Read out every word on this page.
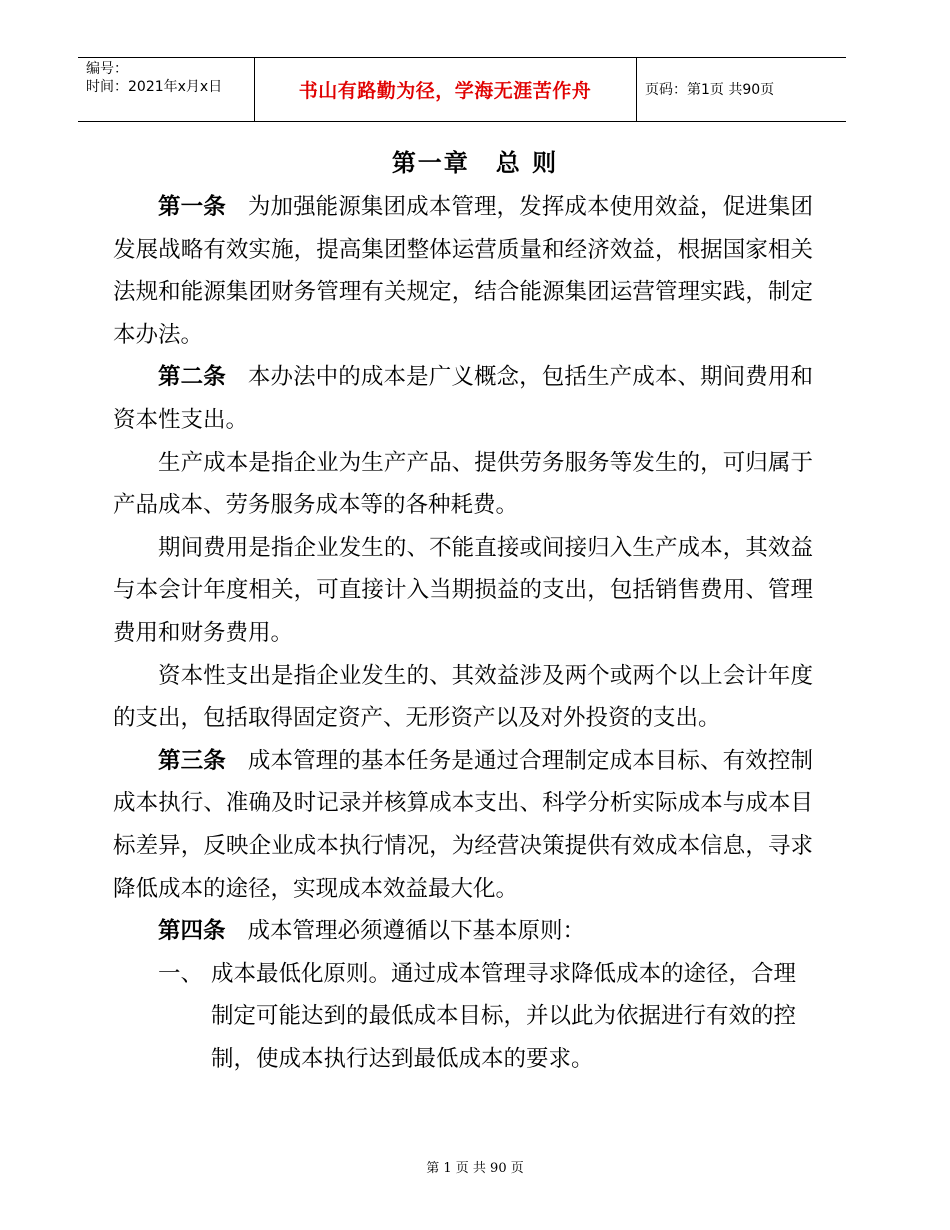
编号：
时间：2021年x月x日	书山有路勤为径，学海无涯苦作舟	页码：第1页 共90页
第一章　总 则

第一条 为加强能源集团成本管理，发挥成本使用效益，促进集团发展战略有效实施，提高集团整体运营质量和经济效益，根据国家相关法规和能源集团财务管理有关规定，结合能源集团运营管理实践，制定本办法。

第二条 本办法中的成本是广义概念，包括生产成本、期间费用和资本性支出。

生产成本是指企业为生产产品、提供劳务服务等发生的，可归属于产品成本、劳务服务成本等的各种耗费。

期间费用是指企业发生的、不能直接或间接归入生产成本，其效益与本会计年度相关，可直接计入当期损益的支出，包括销售费用、管理费用和财务费用。

资本性支出是指企业发生的、其效益涉及两个或两个以上会计年度的支出，包括取得固定资产、无形资产以及对外投资的支出。

第三条 成本管理的基本任务是通过合理制定成本目标、有效控制成本执行、准确及时记录并核算成本支出、科学分析实际成本与成本目标差异，反映企业成本执行情况，为经营决策提供有效成本信息，寻求降低成本的途径，实现成本效益最大化。

第四条 成本管理必须遵循以下基本原则：

一、 成本最低化原则。通过成本管理寻求降低成本的途径，合理制定可能达到的最低成本目标，并以此为依据进行有效的控制，使成本执行达到最低成本的要求。

第 1 页 共 90 页
